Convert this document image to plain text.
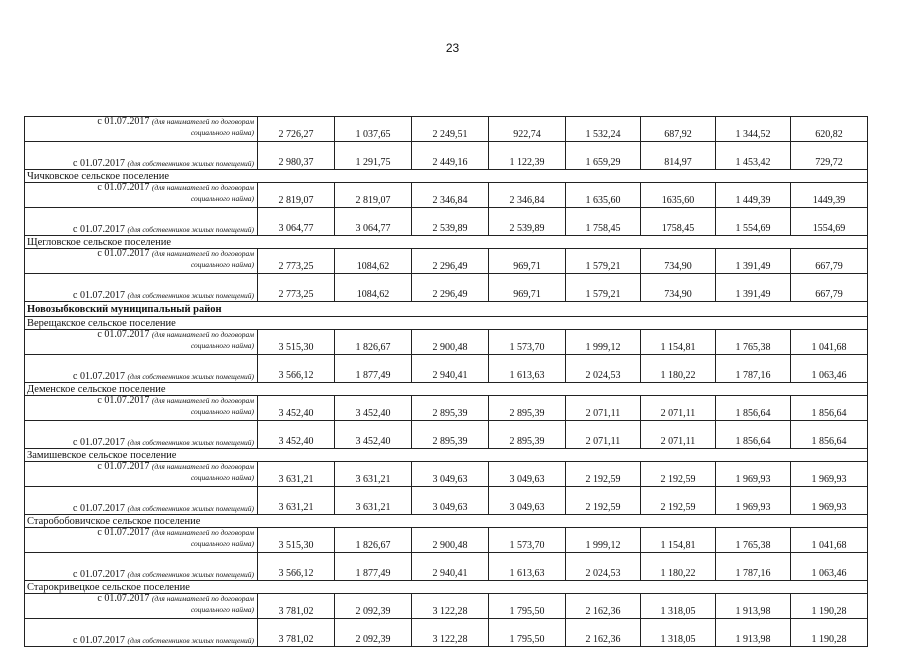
23
с 01.07.2017 (для нанимателей по договорам
социального найма)	2 726,27	1 037,65	2 249,51	922,74	1 532,24	687,92	1 344,52	620,82
с 01.07.2017 (для собственников жилых помещений)	2 980,37	1 291,75	2 449,16	1 122,39	1 659,29	814,97	1 453,42	729,72
Чичковское сельское поселение								

с 01.07.2017 (для нанимателей по договорам
социального найма)	2 819,07	2 819,07	2 346,84	2 346,84	1 635,60	1635,60	1 449,39	1449,39
с 01.07.2017 (для собственников жилых помещений)	3 064,77	3 064,77	2 539,89	2 539,89	1 758,45	1758,45	1 554,69	1554,69
Щегловское сельское поселение								

с 01.07.2017 (для нанимателей по договорам
социального найма)	2 773,25	1084,62	2 296,49	969,71	1 579,21	734,90	1 391,49	667,79
с 01.07.2017 (для собственников жилых помещений)	2 773,25	1084,62	2 296,49	969,71	1 579,21	734,90	1 391,49	667,79
Новозыбковский муниципальный район								
Верещакское сельское поселение								

с 01.07.2017 (для нанимателей по договорам
социального найма)	3 515,30	1 826,67	2 900,48	1 573,70	1 999,12	1 154,81	1 765,38	1 041,68
с 01.07.2017 (для собственников жилых помещений)	3 566,12	1 877,49	2 940,41	1 613,63	2 024,53	1 180,22	1 787,16	1 063,46
Деменское сельское поселение								

с 01.07.2017 (для нанимателей по договорам
социального найма)	3 452,40	3 452,40	2 895,39	2 895,39	2 071,11	2 071,11	1 856,64	1 856,64
с 01.07.2017 (для собственников жилых помещений)	3 452,40	3 452,40	2 895,39	2 895,39	2 071,11	2 071,11	1 856,64	1 856,64
Замишевское сельское поселение								

с 01.07.2017 (для нанимателей по договорам
социального найма)	3 631,21	3 631,21	3 049,63	3 049,63	2 192,59	2 192,59	1 969,93	1 969,93
с 01.07.2017 (для собственников жилых помещений)	3 631,21	3 631,21	3 049,63	3 049,63	2 192,59	2 192,59	1 969,93	1 969,93
Старобобовичское сельское поселение								

с 01.07.2017 (для нанимателей по договорам
социального найма)	3 515,30	1 826,67	2 900,48	1 573,70	1 999,12	1 154,81	1 765,38	1 041,68
с 01.07.2017 (для собственников жилых помещений)	3 566,12	1 877,49	2 940,41	1 613,63	2 024,53	1 180,22	1 787,16	1 063,46
Старокривецкое сельское поселение								

с 01.07.2017 (для нанимателей по договорам
социального найма)	3 781,02	2 092,39	3 122,28	1 795,50	2 162,36	1 318,05	1 913,98	1 190,28
с 01.07.2017 (для собственников жилых помещений)	3 781,02	2 092,39	3 122,28	1 795,50	2 162,36	1 318,05	1 913,98	1 190,28
